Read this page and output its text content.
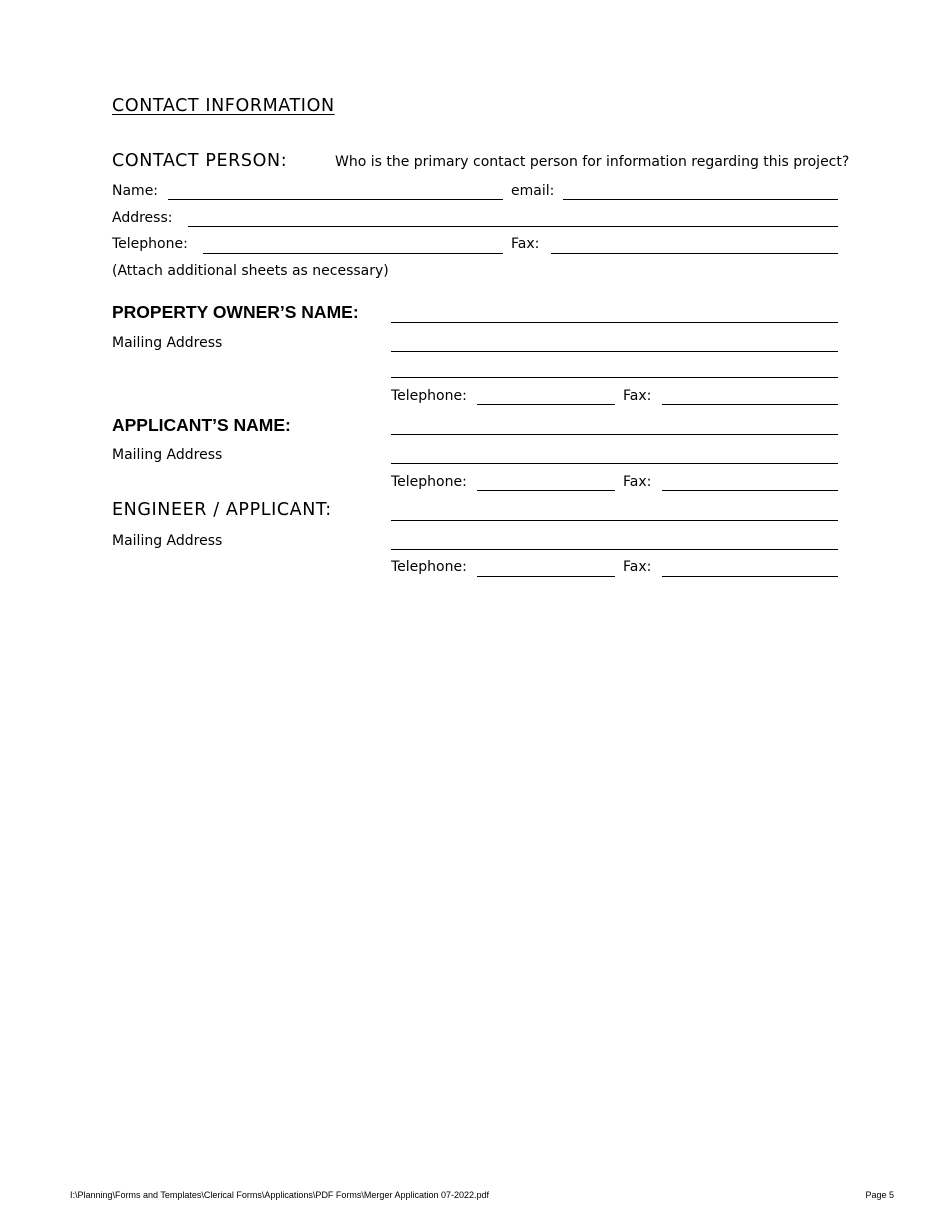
CONTACT INFORMATION
CONTACT PERSON:	Who is the primary contact person for information regarding this project?
Name:	email:
Address:
Telephone:	Fax:
(Attach additional sheets as necessary)
PROPERTY OWNER’S NAME:
Mailing Address
Telephone:	Fax:
APPLICANT’S NAME:
Mailing Address
Telephone:	Fax:
ENGINEER / APPLICANT:
Mailing Address
Telephone:	Fax:
I:\Planning\Forms and Templates\Clerical Forms\Applications\PDF Forms\Merger Application 07-2022.pdf	Page 5
